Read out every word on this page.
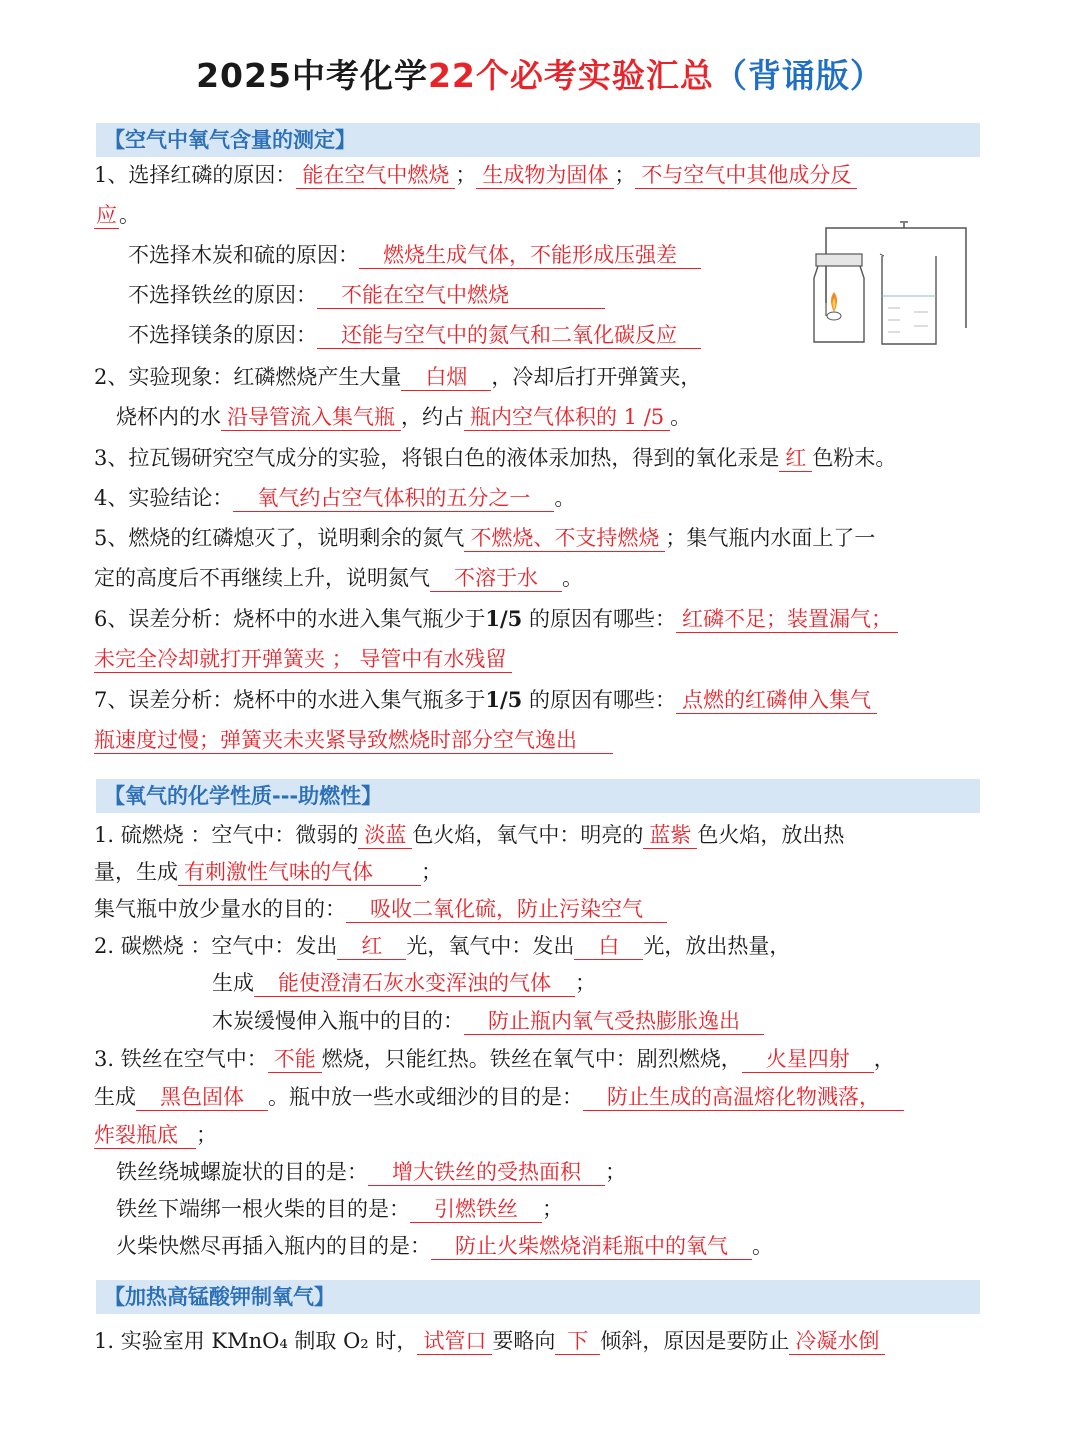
2025中考化学22个必考实验汇总（背诵版）
【空气中氧气含量的测定】
1、选择红磷的原因： 能在空气中燃烧 ； 生成物为固体 ； 不与空气中其他成分反
应。
不选择木炭和硫的原因： 燃烧生成气体，不能形成压强差
不选择铁丝的原因： 不能在空气中燃烧
不选择镁条的原因： 还能与空气中的氮气和二氧化碳反应
2、实验现象：红磷燃烧产生大量 白烟 ，冷却后打开弹簧夹，
烧杯内的水 沿导管流入集气瓶 ，约占 瓶内空气体积的 1 /5 。
3、拉瓦锡研究空气成分的实验，将银白色的液体汞加热，得到的氧化汞是 红 色粉末。
4、实验结论： 氧气约占空气体积的五分之一 。
5、燃烧的红磷熄灭了，说明剩余的氮气 不燃烧、不支持燃烧 ；集气瓶内水面上了一
定的高度后不再继续上升，说明氮气 不溶于水 。
6、误差分析：烧杯中的水进入集气瓶少于1/5 的原因有哪些： 红磷不足；装置漏气；
未完全冷却就打开弹簧夹 ； 导管中有水残留
7、误差分析：烧杯中的水进入集气瓶多于1/5 的原因有哪些： 点燃的红磷伸入集气
瓶速度过慢；弹簧夹未夹紧导致燃烧时部分空气逸出
【氧气的化学性质---助燃性】
1. 硫燃烧 ：空气中：微弱的 淡蓝 色火焰，氧气中：明亮的 蓝紫 色火焰，放出热
量，生成 有刺激性气味的气体 ；
集气瓶中放少量水的目的： 吸收二氧化硫，防止污染空气
2. 碳燃烧 ：空气中：发出 红 光，氧气中：发出 白 光，放出热量，
生成 能使澄清石灰水变浑浊的气体 ；
木炭缓慢伸入瓶中的目的： 防止瓶内氧气受热膨胀逸出
3. 铁丝在空气中： 不能 燃烧，只能红热。铁丝在氧气中：剧烈燃烧， 火星四射 ，
生成 黑色固体 。瓶中放一些水或细沙的目的是： 防止生成的高温熔化物溅落，
炸裂瓶底 ；
铁丝绕城螺旋状的目的是： 增大铁丝的受热面积 ；
铁丝下端绑一根火柴的目的是： 引燃铁丝 ；
火柴快燃尽再插入瓶内的目的是： 防止火柴燃烧消耗瓶中的氧气 。
【加热高锰酸钾制氧气】
1. 实验室用 KMnO₄ 制取 O₂ 时， 试管口 要略向 下 倾斜，原因是要防止 冷凝水倒
